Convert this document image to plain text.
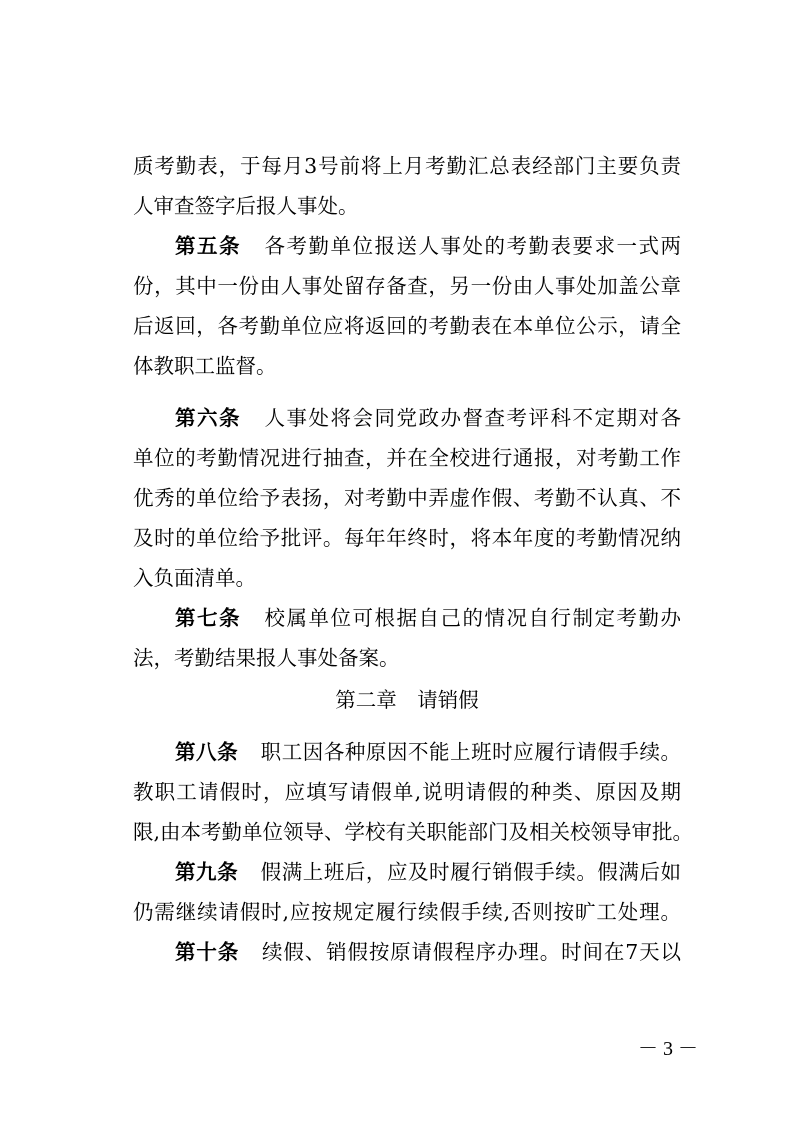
质考勤表，于每月3号前将上月考勤汇总表经部门主要负责
人审查签字后报人事处。
第五条 各考勤单位报送人事处的考勤表要求一式两
份，其中一份由人事处留存备查，另一份由人事处加盖公章
后返回，各考勤单位应将返回的考勤表在本单位公示，请全
体教职工监督。
第六条 人事处将会同党政办督查考评科不定期对各
单位的考勤情况进行抽查，并在全校进行通报，对考勤工作
优秀的单位给予表扬，对考勤中弄虚作假、考勤不认真、不
及时的单位给予批评。每年年终时，将本年度的考勤情况纳
入负面清单。
第七条 校属单位可根据自己的情况自行制定考勤办
法，考勤结果报人事处备案。
第二章　请销假
第八条 职工因各种原因不能上班时应履行请假手续。
教职工请假时，应填写请假单,说明请假的种类、原因及期
限,由本考勤单位领导、学校有关职能部门及相关校领导审批。
第九条 假满上班后，应及时履行销假手续。假满后如
仍需继续请假时,应按规定履行续假手续,否则按旷工处理。
第十条 续假、销假按原请假程序办理。时间在7天以
－ 3 －
